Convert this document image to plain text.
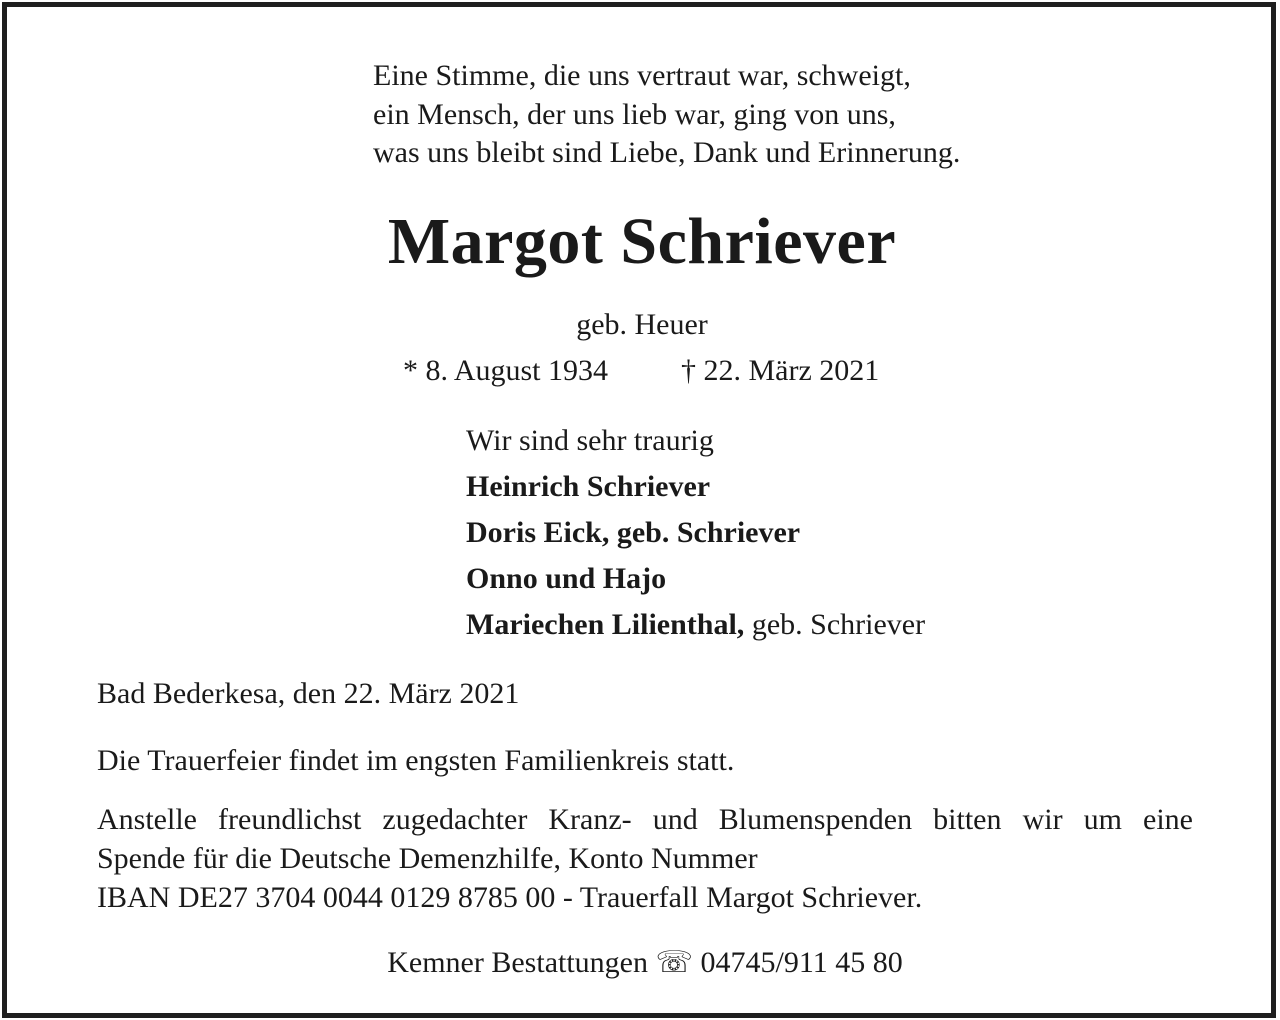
Eine Stimme, die uns vertraut war, schweigt,
ein Mensch, der uns lieb war, ging von uns,
was uns bleibt sind Liebe, Dank und Erinnerung.
Margot Schriever
geb. Heuer
* 8. August 1934 † 22. März 2021
Wir sind sehr traurig
Heinrich Schriever
Doris Eick, geb. Schriever
Onno und Hajo
Mariechen Lilienthal, geb. Schriever
Bad Bederkesa, den 22. März 2021
Die Trauerfeier findet im engsten Familienkreis statt.
Anstelle freundlichst zugedachter Kranz- und Blumenspenden bitten wir um eine
Spende für die Deutsche Demenzhilfe, Konto Nummer
IBAN DE27 3704 0044 0129 8785 00 - Trauerfall Margot Schriever.
Kemner Bestattungen ☏ 04745/911 45 80
